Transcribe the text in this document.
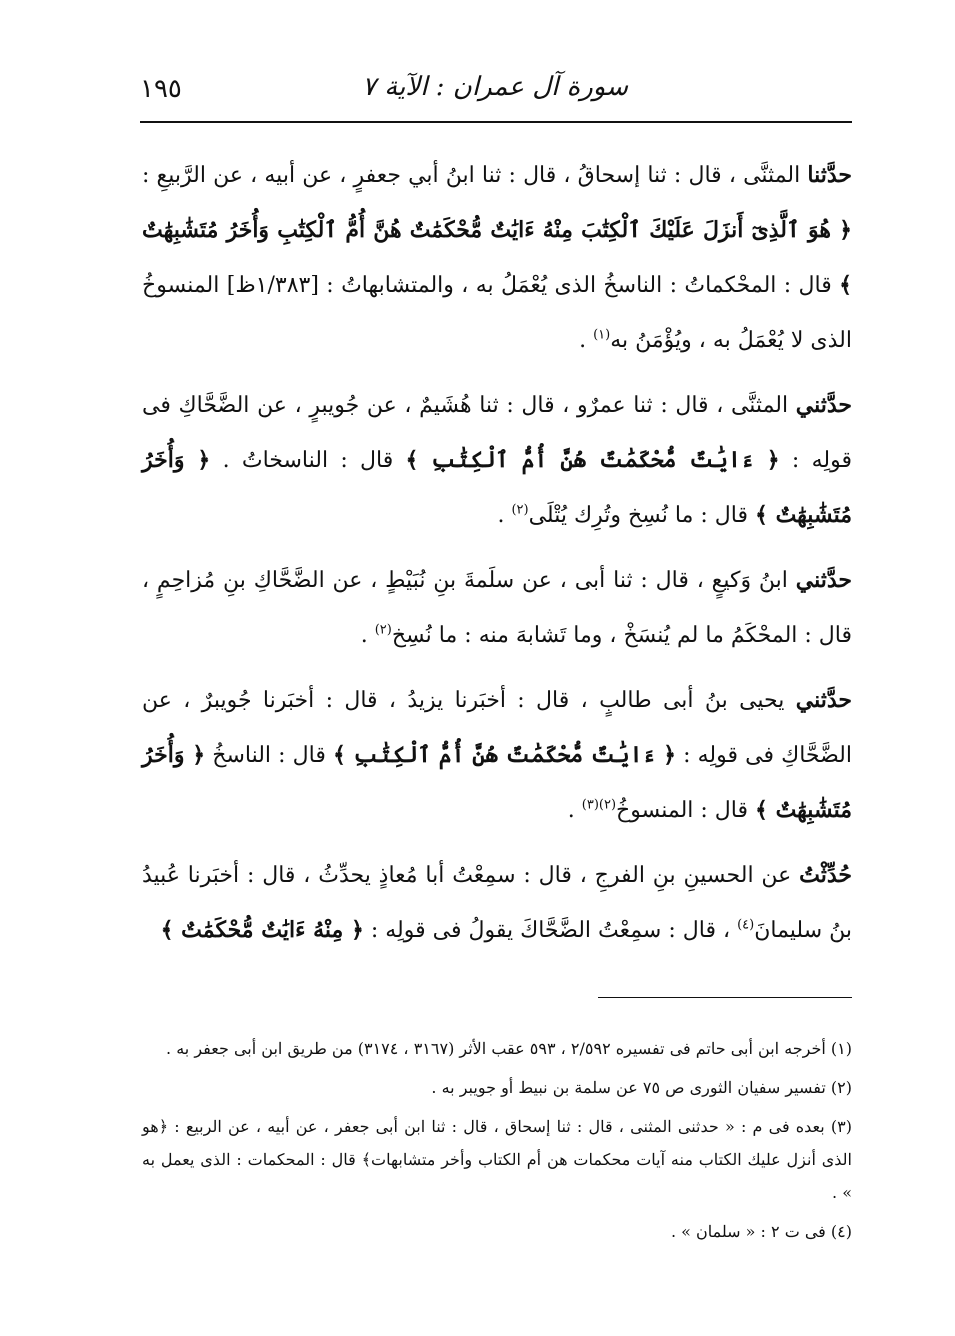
١٩٥	سورة آل عمران : الآية ٧

حدَّثنا المثنَّى ، قال : ثنا إسحاقُ ، قال : ثنا ابنُ أبي جعفرٍ ، عن أبيه ، عن الرَّبيعِ : ﴿ هُوَ ٱلَّذِىٓ أَنزَلَ عَلَيْكَ ٱلْكِتَٰبَ مِنْهُ ءَايَٰتٌ مُّحْكَمَٰتٌ هُنَّ أُمُّ ٱلْكِتَٰبِ وَأُخَرُ مُتَشَٰبِهَٰتٌ ﴾ قال : المحْكماتُ : الناسخُ الذى يُعْمَلُ به ، والمتشابهاتُ : [١/٣٨٣ظ] المنسوخُ الذى لا يُعْمَلُ به ، ويُؤْمَنُ به$^{(١)}$ .

حدَّثني المثنَّى ، قال : ثنا عمرٌو ، قال : ثنا هُشَيمٌ ، عن جُويبرٍ ، عن الضَّحَّاكِ فى قولِه : ﴿ ءَايَٰتٌ مُّحْكَمَٰتٌ هُنَّ أُمُّ ٱلْكِتَٰبِ ﴾ قال : الناسخاتُ . ﴿ وَأُخَرُ مُتَشَٰبِهَٰتٌ ﴾ قال : ما نُسِخ وتُرِك يُتْلَى$^{(٢)}$ .

حدَّثني ابنُ وَكيعٍ ، قال : ثنا أبى ، عن سلَمةَ بنِ نُبَيْطٍ ، عن الضَّحَّاكِ بنِ مُزاحِمٍ ، قال : المحْكَمُ ما لم يُنسَخْ ، وما تَشابهَ منه : ما نُسِخ$^{(٢)}$ .

حدَّثني يحيى بنُ أبى طالبٍ ، قال : أخبَرنا يزيدُ ، قال : أخبَرنا جُويبرٌ ، عن الضَّحَّاكِ فى قولِه : ﴿ ءَايَٰتٌ مُّحْكَمَٰتٌ هُنَّ أُمُّ ٱلْكِتَٰبِ ﴾ قال : الناسخُ ﴿ وَأُخَرُ مُتَشَٰبِهَٰتٌ ﴾ قال : المنسوخُ$^{(٢)(٣)}$ .

حُدِّثْتُ عن الحسينِ بنِ الفرجِ ، قال : سمِعْتُ أبا مُعاذٍ يحدِّثُ ، قال : أخبَرنا عُبيدُ بنُ سليمانَ$^{(٤)}$ ، قال : سمِعْتُ الضَّحَّاكَ يقولُ فى قولِه : ﴿ مِنْهُ ءَايَٰتٌ مُّحْكَمَٰتٌ ﴾

(١) أخرجه ابن أبى حاتم فى تفسيره ٢/٥٩٢ ، ٥٩٣ عقب الأثر (٣١٦٧ ، ٣١٧٤) من طريق ابن أبى جعفر به .

(٢) تفسير سفيان الثورى ص ٧٥ عن سلمة بن نبيط أو جويبر به .

(٣) بعده فى م : « حدثنى المثنى ، قال : ثنا إسحاق ، قال : ثنا ابن أبى جعفر ، عن أبيه ، عن الربيع : ﴿هو الذى أنزل عليك الكتاب منه آيات محكمات هن أم الكتاب وأخر متشابهات﴾ قال : المحكمات : الذى يعمل به » .

(٤) فى ت ٢ : « سلمان » .
